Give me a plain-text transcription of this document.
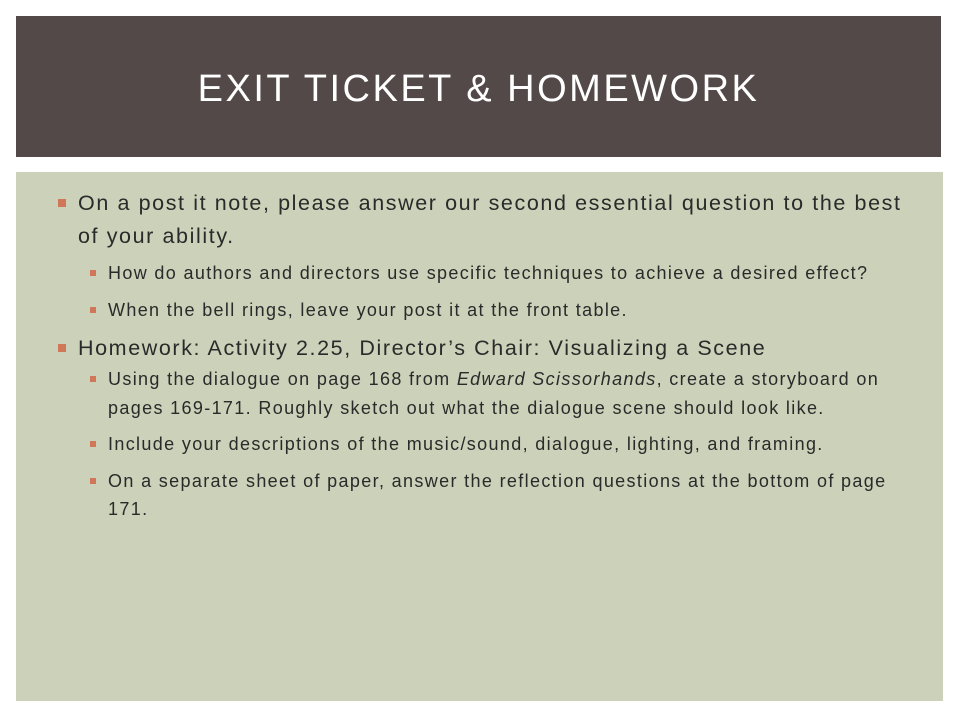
EXIT TICKET & HOMEWORK
On a post it note, please answer our second essential question to the best of your ability.
How do authors and directors use specific techniques to achieve a desired effect?
When the bell rings, leave your post it at the front table.
Homework: Activity 2.25, Director’s Chair: Visualizing a Scene
Using the dialogue on page 168 from Edward Scissorhands, create a storyboard on pages 169-171. Roughly sketch out what the dialogue scene should look like.
Include your descriptions of the music/sound, dialogue, lighting, and framing.
On a separate sheet of paper, answer the reflection questions at the bottom of page 171.
